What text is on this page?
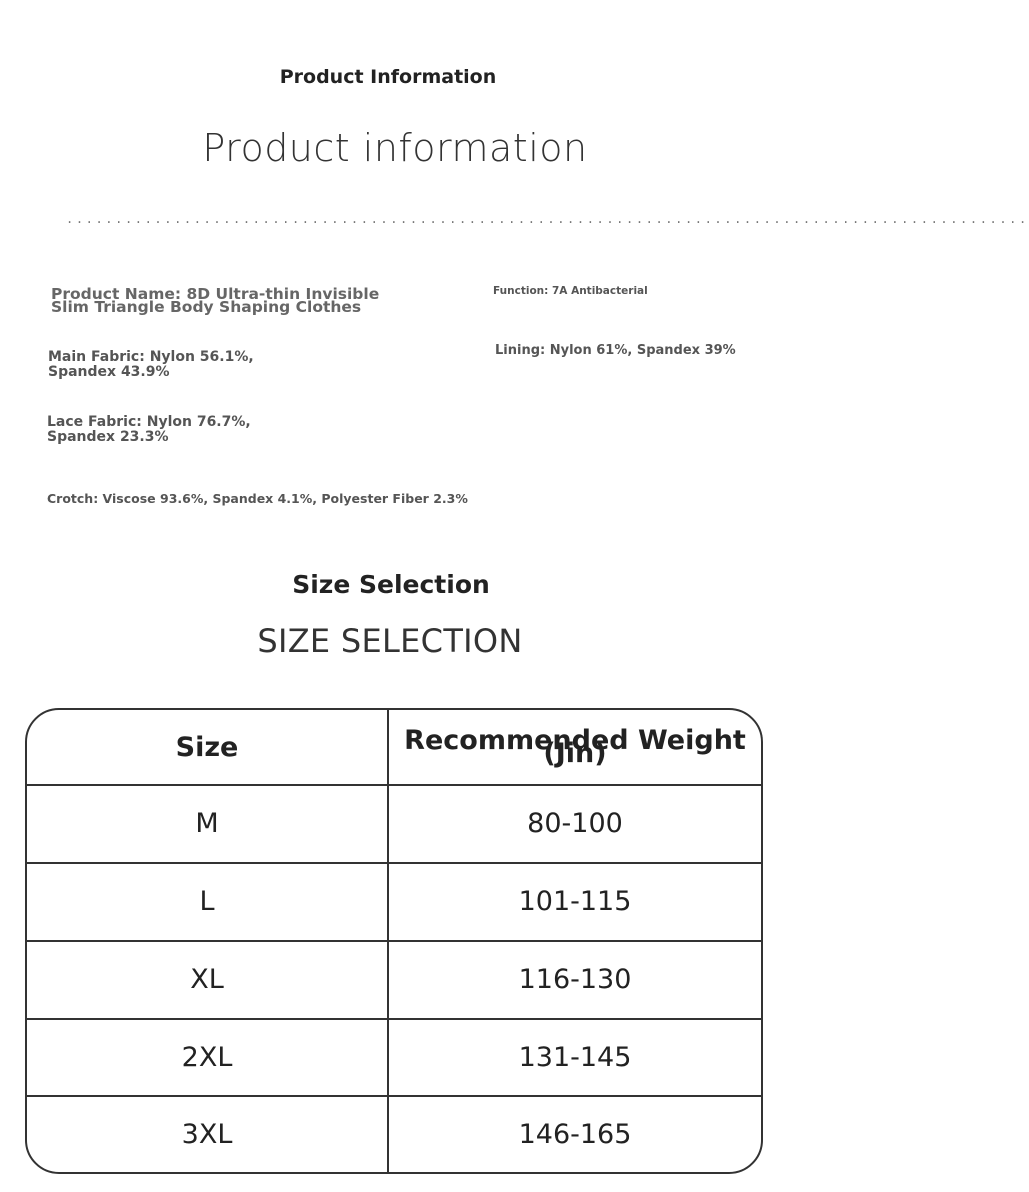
Product Information
Product information
..................................................................................................
Product Name: 8D Ultra-thin Invisible
Slim Triangle Body Shaping Clothes
Main Fabric: Nylon 56.1%,
Spandex 43.9%
Lace Fabric: Nylon 76.7%,
Spandex 23.3%
Crotch: Viscose 93.6%, Spandex 4.1%, Polyester Fiber 2.3%
Function: 7A Antibacterial
Lining: Nylon 61%, Spandex 39%
Size Selection
SIZE SELECTION
Size	Recommended Weight
(Jin)
M	80-100
L	101-115
XL	116-130
2XL	131-145
3XL	146-165
